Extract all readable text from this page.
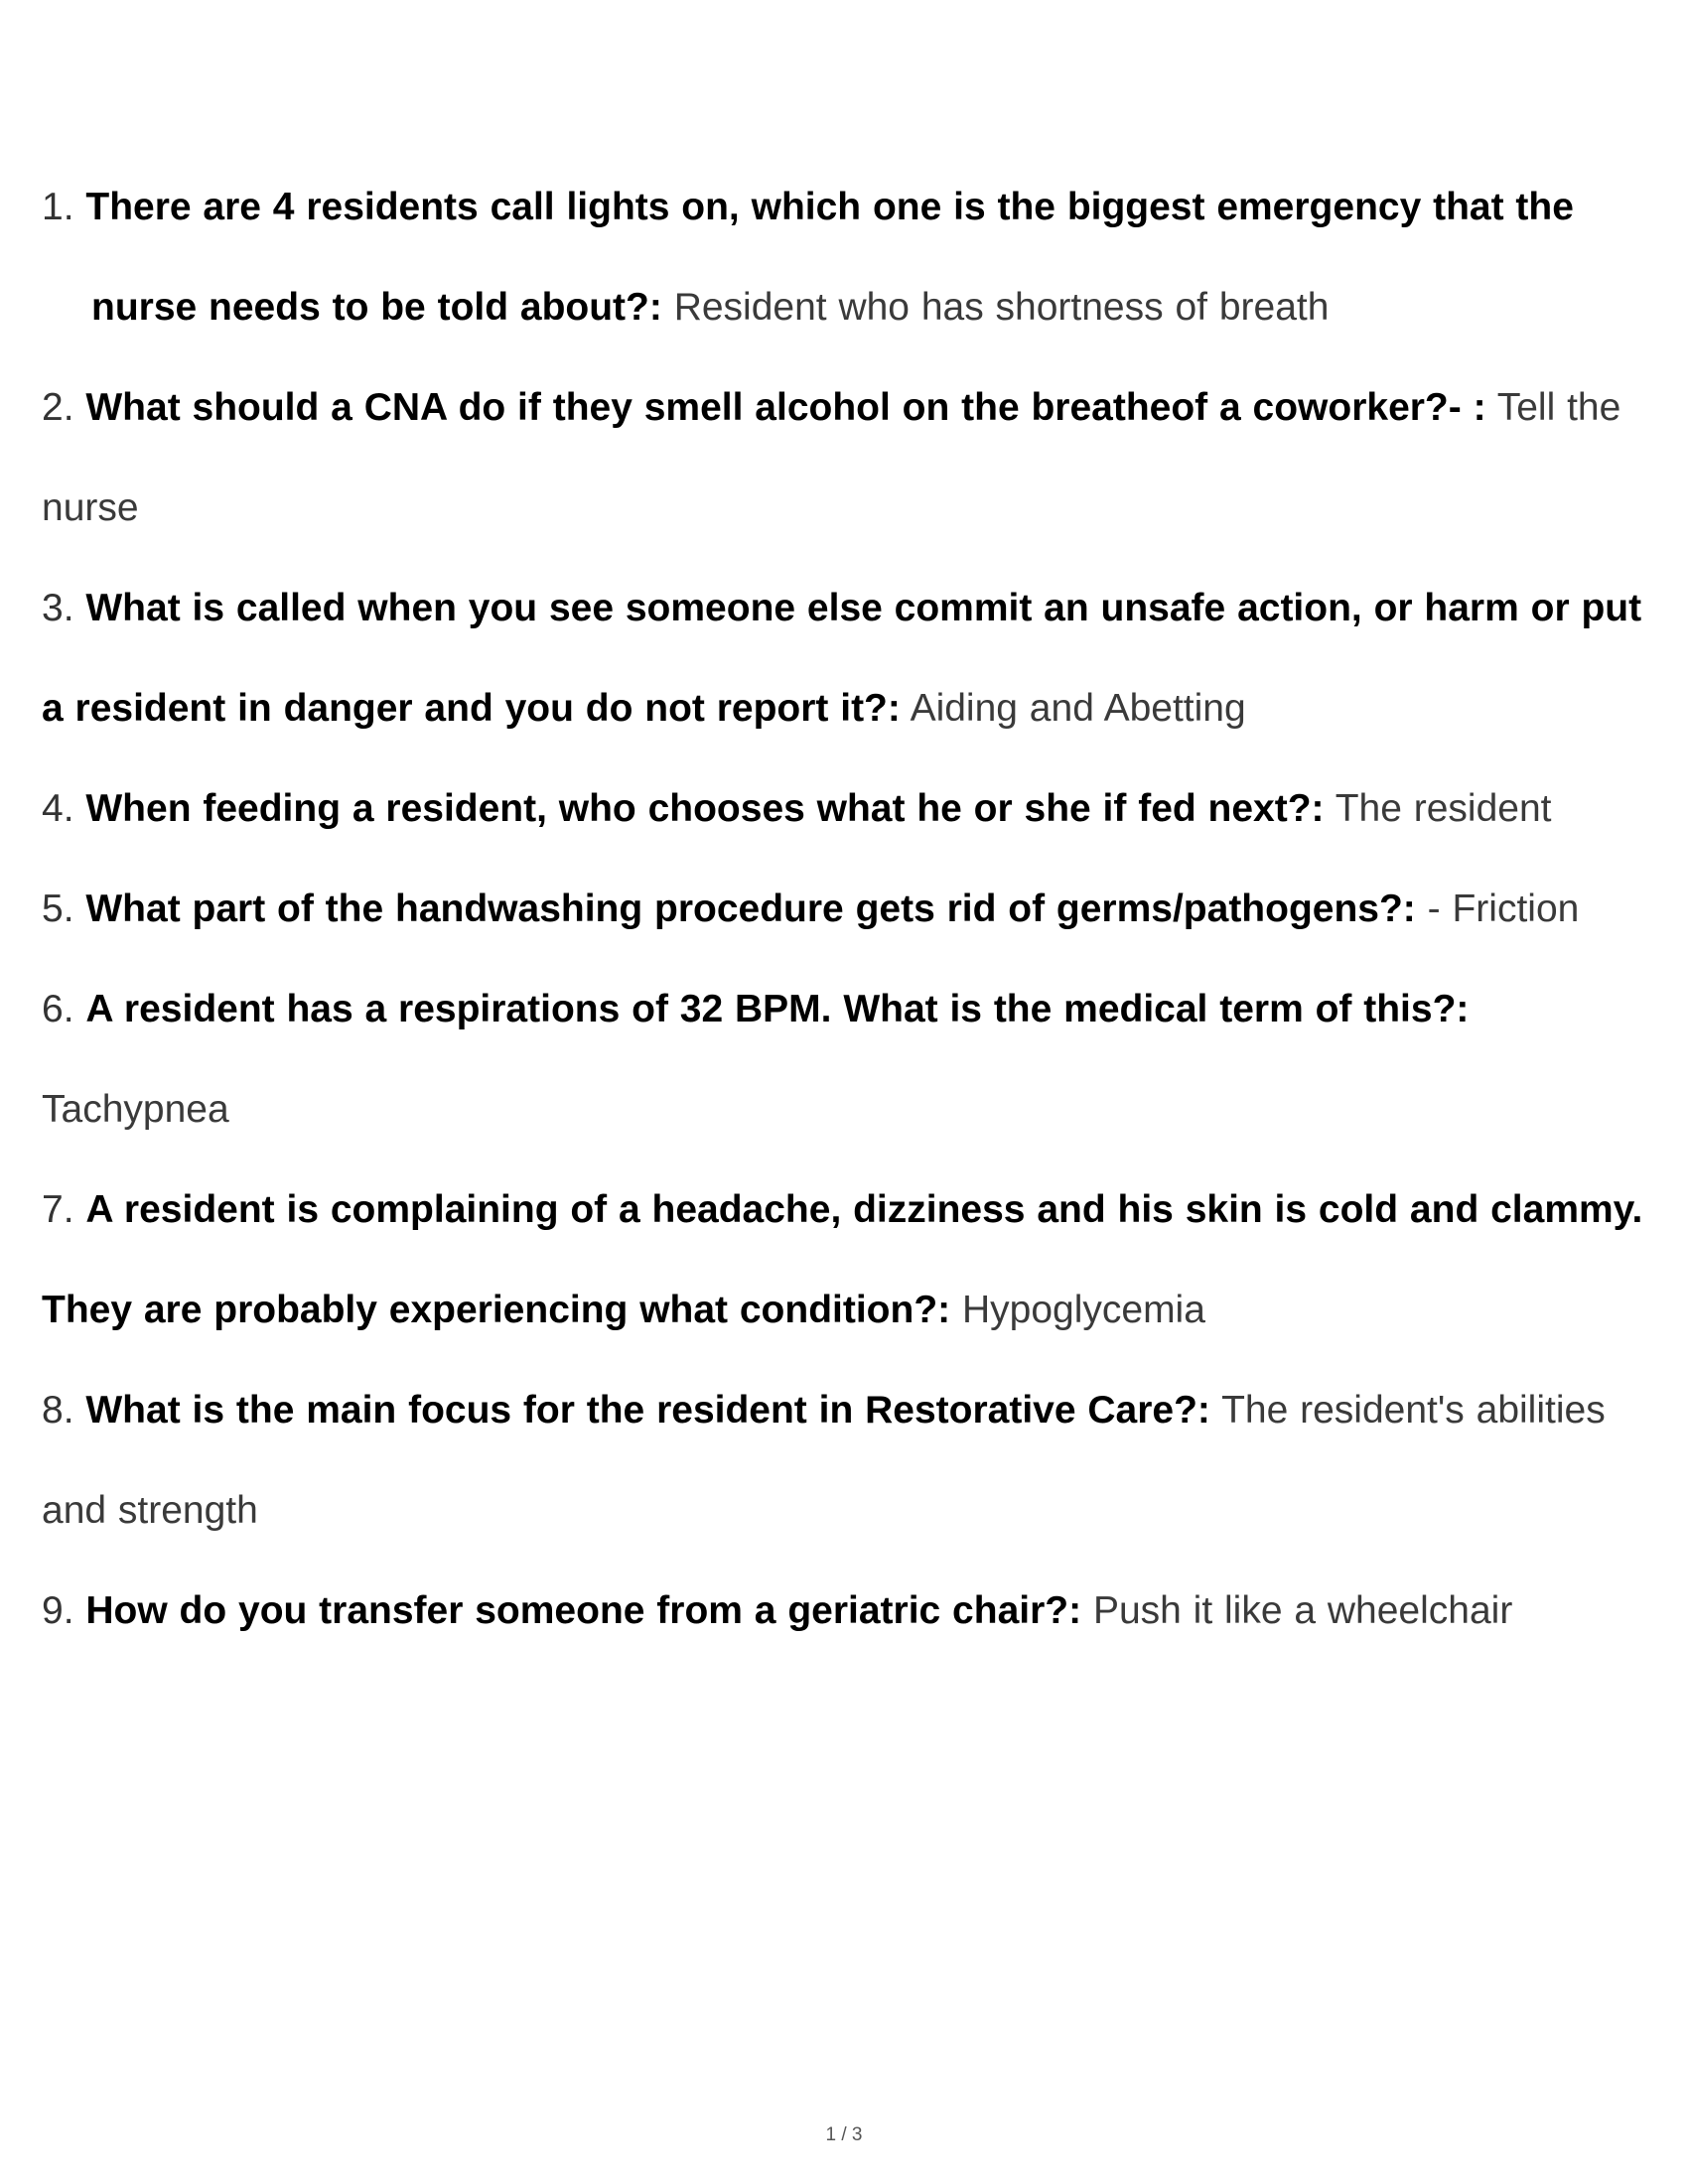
1. There are 4 residents call lights on, which one is the biggest emergency that the nurse needs to be told about?: Resident who has shortness of breath

2. What should a CNA do if they smell alcohol on the breatheof a coworker?- : Tell the nurse

3. What is called when you see someone else commit an unsafe action, or harm or put a resident in danger and you do not report it?: Aiding and Abetting

4. When feeding a resident, who chooses what he or she if fed next?: The resident

5. What part of the handwashing procedure gets rid of germs/pathogens?: - Friction

6. A resident has a respirations of 32 BPM. What is the medical term of this?: Tachypnea

7. A resident is complaining of a headache, dizziness and his skin is cold and clammy. They are probably experiencing what condition?: Hypoglycemia

8. What is the main focus for the resident in Restorative Care?: The resident's abilities and strength

9. How do you transfer someone from a geriatric chair?: Push it like a wheelchair

1 / 3
